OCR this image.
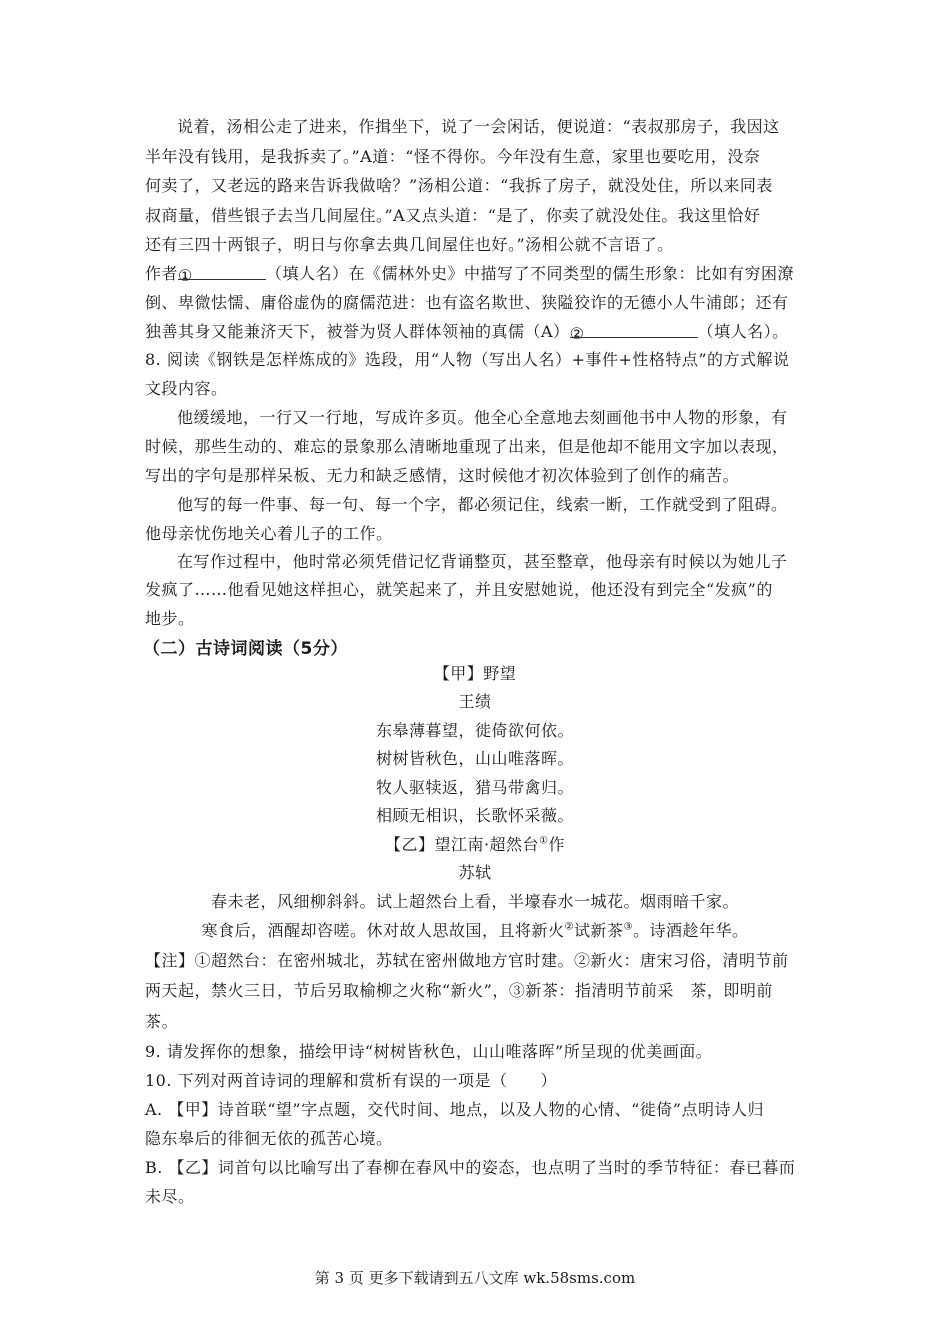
说着，汤相公走了进来，作揖坐下，说了一会闲话，便说道：“表叔那房子，我因这
半年没有钱用，是我拆卖了。”A道：“怪不得你。今年没有生意，家里也要吃用，没奈
何卖了，又老远的路来告诉我做啥？”汤相公道：“我拆了房子，就没处住，所以来同表
叔商量，借些银子去当几间屋住。”A又点头道：“是了，你卖了就没处住。我这里恰好
还有三四十两银子，明日与你拿去典几间屋住也好。”汤相公就不言语了。
作者①	（填人名）在《儒林外史》中描写了不同类型的儒生形象：比如有穷困潦
倒、卑微怯懦、庸俗虚伪的腐儒范进：也有盗名欺世、狭隘狡诈的无德小人牛浦郎；还有
独善其身又能兼济天下，被誉为贤人群体领袖的真儒（A）②	（填人名）。
8. 阅读《钢铁是怎样炼成的》选段，用“人物（写出人名）+事件+性格特点”的方式解说
文段内容。
他缓缓地，一行又一行地，写成许多页。他全心全意地去刻画他书中人物的形象，有
时候，那些生动的、难忘的景象那么清晰地重现了出来，但是他却不能用文字加以表现，
写出的字句是那样呆板、无力和缺乏感情，这时候他才初次体验到了创作的痛苦。
他写的每一件事、每一句、每一个字，都必须记住，线索一断，工作就受到了阻碍。
他母亲忧伤地关心着儿子的工作。
在写作过程中，他时常必须凭借记忆背诵整页，甚至整章，他母亲有时候以为她儿子
发疯了……他看见她这样担心，就笑起来了，并且安慰她说，他还没有到完全“发疯”的
地步。
（二）古诗词阅读（5分）
【甲】野望
王绩
东皋薄暮望，徙倚欲何依。
树树皆秋色，山山唯落晖。
牧人驱犊返，猎马带禽归。
相顾无相识，长歌怀采薇。
【乙】望江南·超然台①作
苏轼
春未老，风细柳斜斜。试上超然台上看，半壕春水一城花。烟雨暗千家。
寒食后，酒醒却咨嗟。休对故人思故国，且将新火②试新茶③。诗酒趁年华。
【注】①超然台：在密州城北，苏轼在密州做地方官时建。②新火：唐宋习俗，清明节前
两天起，禁火三日，节后另取榆柳之火称“新火”，③新茶：指清明节前采　茶，即明前
茶。
9. 请发挥你的想象，描绘甲诗“树树皆秋色，山山唯落晖”所呈现的优美画面。
10. 下列对两首诗词的理解和赏析有误的一项是（　　）
A. 【甲】诗首联“望”字点题，交代时间、地点，以及人物的心情、“徙倚”点明诗人归
隐东皋后的徘徊无依的孤苦心境。
B. 【乙】词首句以比喻写出了春柳在春风中的姿态，也点明了当时的季节特征：春已暮而
未尽。
第 3 页 更多下载请到五八文库 wk.58sms.com
